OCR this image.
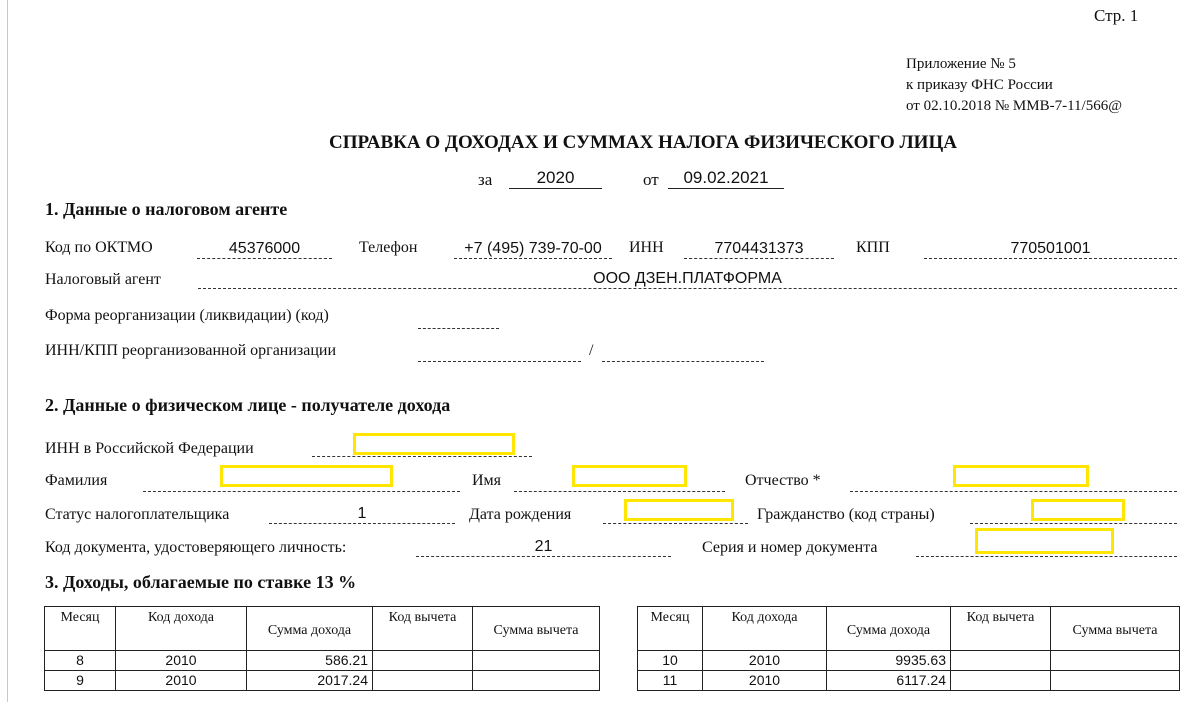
Стр. 1
Приложение № 5
к приказу ФНС России
от 02.10.2018 № ММВ-7-11/566@
СПРАВКА О ДОХОДАХ И СУММАХ НАЛОГА ФИЗИЧЕСКОГО ЛИЦА
за	2020	от	09.02.2021
1. Данные о налоговом агенте
Код по ОКТМО	45376000	Телефон	+7 (495) 739-70-00	ИНН	7704431373	КПП	770501001
Налоговый агент	ООО ДЗЕН.ПЛАТФОРМА
Форма реорганизации (ликвидации) (код)
ИНН/КПП реорганизованной организации	/
2. Данные о физическом лице - получателе дохода
ИНН в Российской Федерации
Фамилия	Имя	Отчество *
Статус налогоплательщика	1	Дата рождения	Гражданство (код страны)
Код документа, удостоверяющего личность:	21	Серия и номер документа
3. Доходы, облагаемые по ставке 13 %
Месяц	Код дохода	Сумма дохода	Код вычета	Сумма вычета
8	2010	586.21		
9	2010	2017.24		
Месяц	Код дохода	Сумма дохода	Код вычета	Сумма вычета
10	2010	9935.63		
11	2010	6117.24		
